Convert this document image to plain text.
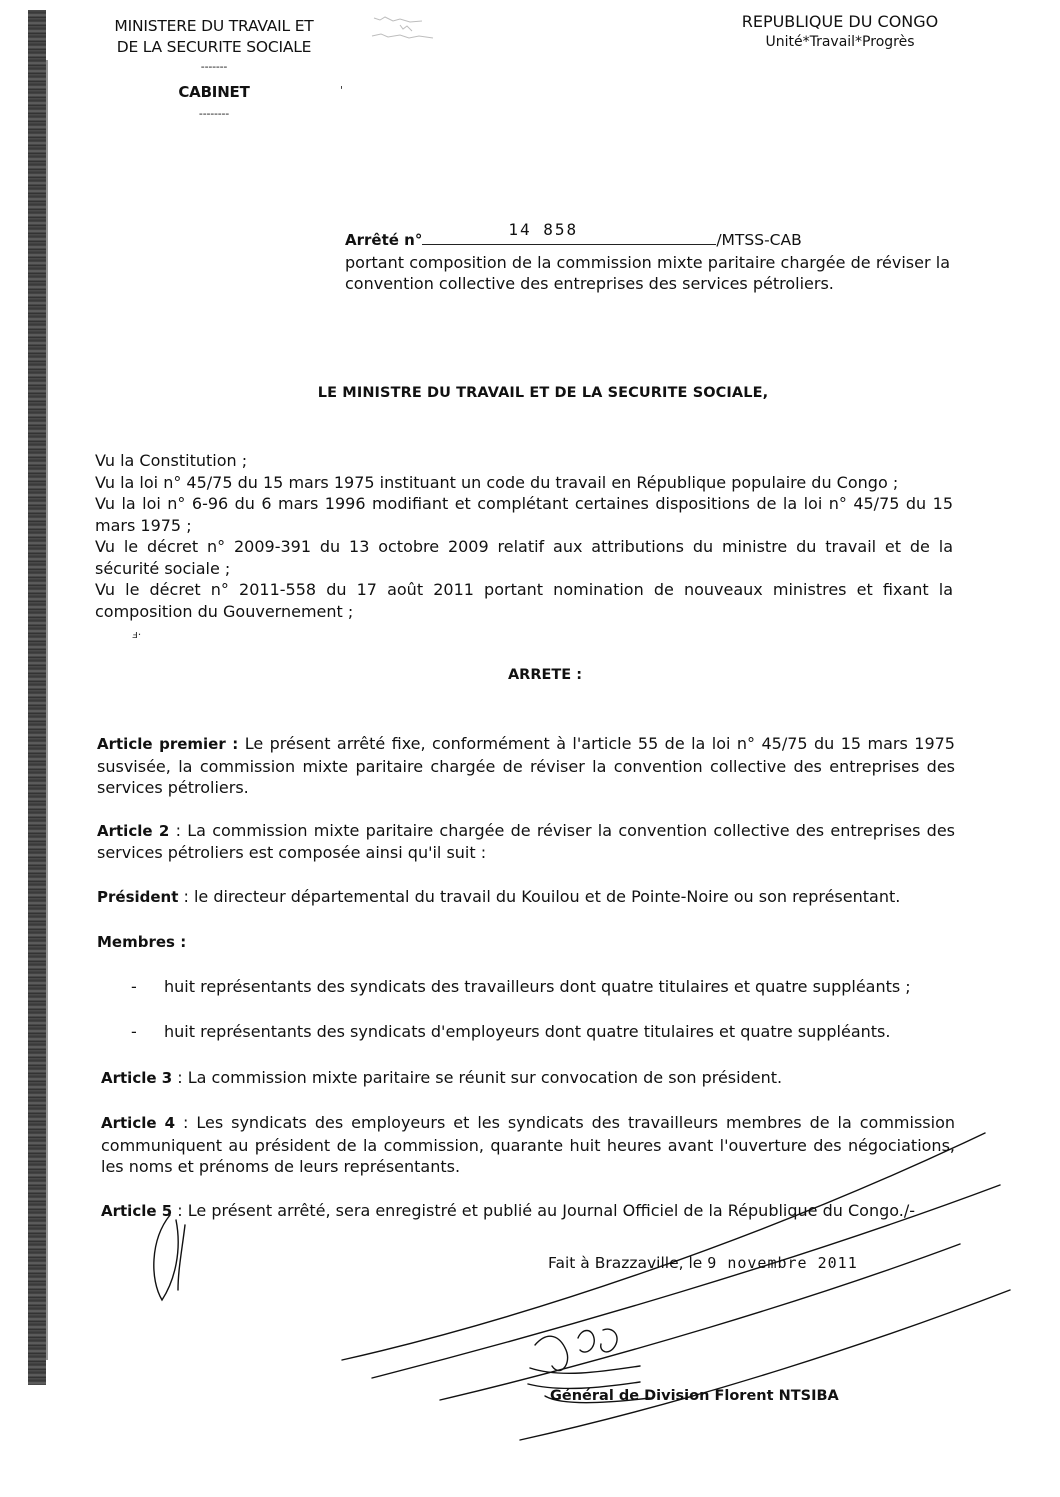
MINISTERE DU TRAVAIL ET
DE LA SECURITE SOCIALE
-------
CABINET
--------
'
REPUBLIQUE DU CONGO
Unité*Travail*Progrès
Arrêté n°
14 858
/MTSS-CAB
portant composition de la commission mixte paritaire chargée de réviser la convention collective des entreprises des services pétroliers.
LE MINISTRE DU TRAVAIL ET DE LA SECURITE SOCIALE,
Vu la Constitution ;
Vu la loi n° 45/75 du 15 mars 1975 instituant un code du travail en République populaire du Congo ;
Vu la loi n° 6-96 du 6 mars 1996 modifiant et complétant certaines dispositions de la loi n° 45/75 du 15 mars 1975 ;
Vu le décret n° 2009-391 du 13 octobre 2009 relatif aux attributions du ministre du travail et de la sécurité sociale ;
Vu le décret n° 2011-558 du 17 août 2011 portant nomination de nouveaux ministres et fixant la composition du Gouvernement ;
ⅎ·
ARRETE :

Article premier : Le présent arrêté fixe, conformément à l'article 55 de la loi n° 45/75 du 15 mars 1975 susvisée, la commission mixte paritaire chargée de réviser la convention collective des entreprises des services pétroliers.

Article 2 : La commission mixte paritaire chargée de réviser la convention collective des entreprises des services pétroliers est composée ainsi qu'il suit :

Président : le directeur départemental du travail du Kouilou et de Pointe-Noire ou son représentant.

Membres :

- huit représentants des syndicats des travailleurs dont quatre titulaires et quatre suppléants ;
- huit représentants des syndicats d'employeurs dont quatre titulaires et quatre suppléants.

Article 3 : La commission mixte paritaire se réunit sur convocation de son président.

Article 4 : Les syndicats des employeurs et les syndicats des travailleurs membres de la commission communiquent au président de la commission, quarante huit heures avant l'ouverture des négociations, les noms et prénoms de leurs représentants.

Article 5 : Le présent arrêté, sera enregistré et publié au Journal Officiel de la République du Congo./-

Fait à Brazzaville, le 9 novembre 2011
Général de Division Florent NTSIBA
